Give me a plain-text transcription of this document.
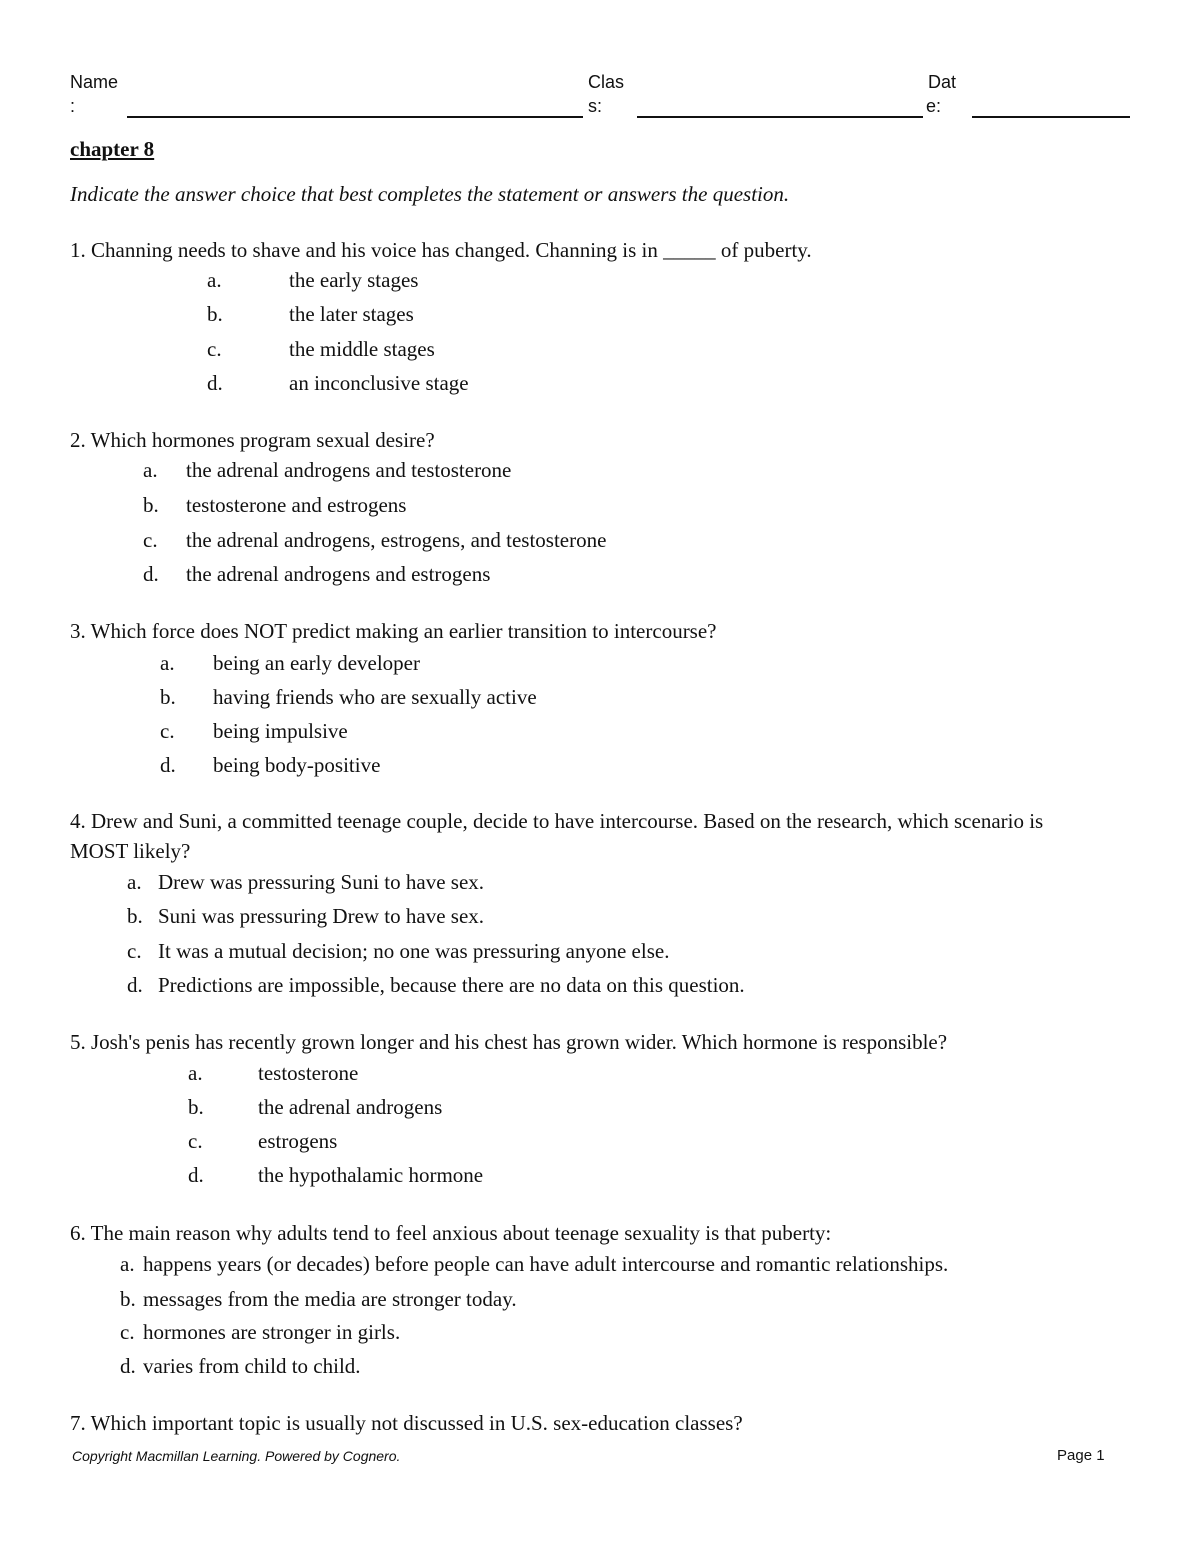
Name
:
Clas
s:
Dat
e:
chapter 8
Indicate the answer choice that best completes the statement or answers the question.
1. Channing needs to shave and his voice has changed. Channing is in _____ of puberty.
a.	the early stages
b.	the later stages
c.	the middle stages
d.	an inconclusive stage
2. Which hormones program sexual desire?
a. the adrenal androgens and testosterone
b. testosterone and estrogens
c. the adrenal androgens, estrogens, and testosterone
d. the adrenal androgens and estrogens
3. Which force does NOT predict making an earlier transition to intercourse?
a. being an early developer
b. having friends who are sexually active
c. being impulsive
d. being body-positive
4. Drew and Suni, a committed teenage couple, decide to have intercourse. Based on the research, which scenario is MOST likely?
a. Drew was pressuring Suni to have sex.
b. Suni was pressuring Drew to have sex.
c. It was a mutual decision; no one was pressuring anyone else.
d. Predictions are impossible, because there are no data on this question.
5. Josh's penis has recently grown longer and his chest has grown wider. Which hormone is responsible?
a.	testosterone
b.	the adrenal androgens
c.	estrogens
d.	the hypothalamic hormone
6. The main reason why adults tend to feel anxious about teenage sexuality is that puberty:
a. happens years (or decades) before people can have adult intercourse and romantic relationships.
b. messages from the media are stronger today.
c. hormones are stronger in girls.
d. varies from child to child.
7. Which important topic is usually not discussed in U.S. sex-education classes?
Copyright Macmillan Learning. Powered by Cognero.	Page 1
